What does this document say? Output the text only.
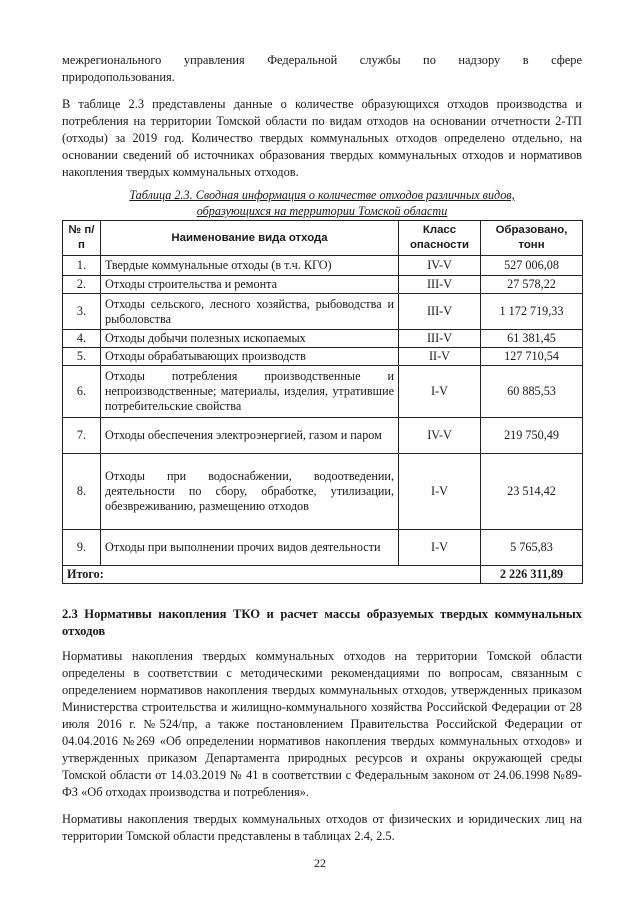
межрегионального управления Федеральной службы по надзору в сфере
природопользования.

В таблице 2.3 представлены данные о количестве образующихся отходов производства и потребления на территории Томской области по видам отходов на основании отчетности 2-ТП (отходы) за 2019 год. Количество твердых коммунальных отходов определено отдельно, на основании сведений об источниках образования твердых коммунальных отходов и нормативов накопления твердых коммунальных отходов.

Таблица 2.3. Сводная информация о количестве отходов различных видов,
образующихся на территории Томской области
№ п/п	Наименование вида отхода	Класс опасности	Образовано, тонн
1.	Твердые коммунальные отходы (в т.ч. КГО)	IV-V	527 006,08
2.	Отходы строительства и ремонта	III-V	27 578,22
3.	Отходы сельского, лесного хозяйства, рыбоводства и рыболовства	III-V	1 172 719,33
4.	Отходы добычи полезных ископаемых	III-V	61 381,45
5.	Отходы обрабатывающих производств	II-V	127 710,54
6.	Отходы потребления производственные и непроизводственные; материалы, изделия, утратившие потребительские свойства	I-V	60 885,53
7.	Отходы обеспечения электроэнергией, газом и паром	IV-V	219 750,49
8.	Отходы при водоснабжении, водоотведении, деятельности по сбору, обработке, утилизации, обезвреживанию, размещению отходов	I-V	23 514,42
9.	Отходы при выполнении прочих видов деятельности	I-V	5 765,83
Итого:			2 226 311,89
2.3 Нормативы накопления ТКО и расчет массы образуемых твердых коммунальных отходов

Нормативы накопления твердых коммунальных отходов на территории Томской области определены в соответствии с методическими рекомендациями по вопросам, связанным с определением нормативов накопления твердых коммунальных отходов, утвержденных приказом Министерства строительства и жилищно-коммунального хозяйства Российской Федерации от 28 июля 2016 г. №524/пр, а также постановлением Правительства Российской Федерации от 04.04.2016 №269 «Об определении нормативов накопления твердых коммунальных отходов» и утвержденных приказом Департамента природных ресурсов и охраны окружающей среды Томской области от 14.03.2019 № 41 в соответствии с Федеральным законом от 24.06.1998 №89-ФЗ «Об отходах производства и потребления».

Нормативы накопления твердых коммунальных отходов от физических и юридических лиц на территории Томской области представлены в таблицах 2.4, 2.5.

22
